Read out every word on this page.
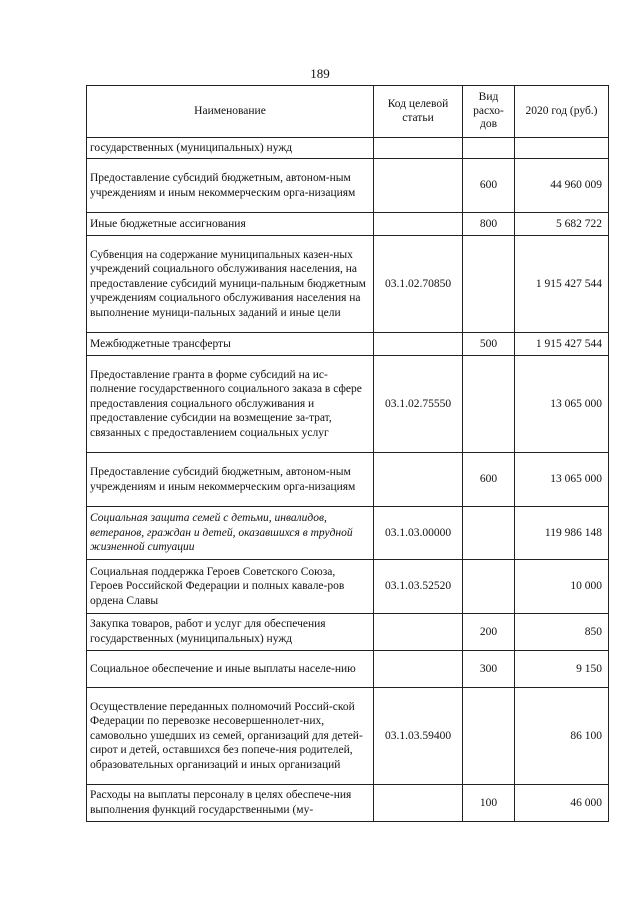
189
Наименование	Код целевой статьи	Вид расхо-дов	2020 год (руб.)
государственных (муниципальных) нужд			
Предоставление субсидий бюджетным, автоном-ным учреждениям и иным некоммерческим орга-низациям		600	44 960 009
Иные бюджетные ассигнования		800	5 682 722
Субвенция на содержание муниципальных казен-ных учреждений социального обслуживания населения, на предоставление субсидий муници-пальным бюджетным учреждениям социального обслуживания населения на выполнение муници-пальных заданий и иные цели	03.1.02.70850		1 915 427 544
Межбюджетные трансферты		500	1 915 427 544
Предоставление гранта в форме субсидий на ис-полнение государственного социального заказа в сфере предоставления социального обслуживания и предоставление субсидии на возмещение за-трат, связанных с предоставлением социальных услуг	03.1.02.75550		13 065 000
Предоставление субсидий бюджетным, автоном-ным учреждениям и иным некоммерческим орга-низациям		600	13 065 000
Социальная защита семей с детьми, инвалидов, ветеранов, граждан и детей, оказавшихся в трудной жизненной ситуации	03.1.03.00000		119 986 148
Социальная поддержка Героев Советского Союза, Героев Российской Федерации и полных кавале-ров ордена Славы	03.1.03.52520		10 000
Закупка товаров, работ и услуг для обеспечения государственных (муниципальных) нужд		200	850
Социальное обеспечение и иные выплаты населе-нию		300	9 150
Осуществление переданных полномочий Россий-ской Федерации по перевозке несовершеннолет-них, самовольно ушедших из семей, организаций для детей-сирот и детей, оставшихся без попече-ния родителей, образовательных организаций и иных организаций	03.1.03.59400		86 100
Расходы на выплаты персоналу в целях обеспече-ния выполнения функций государственными (му-		100	46 000
